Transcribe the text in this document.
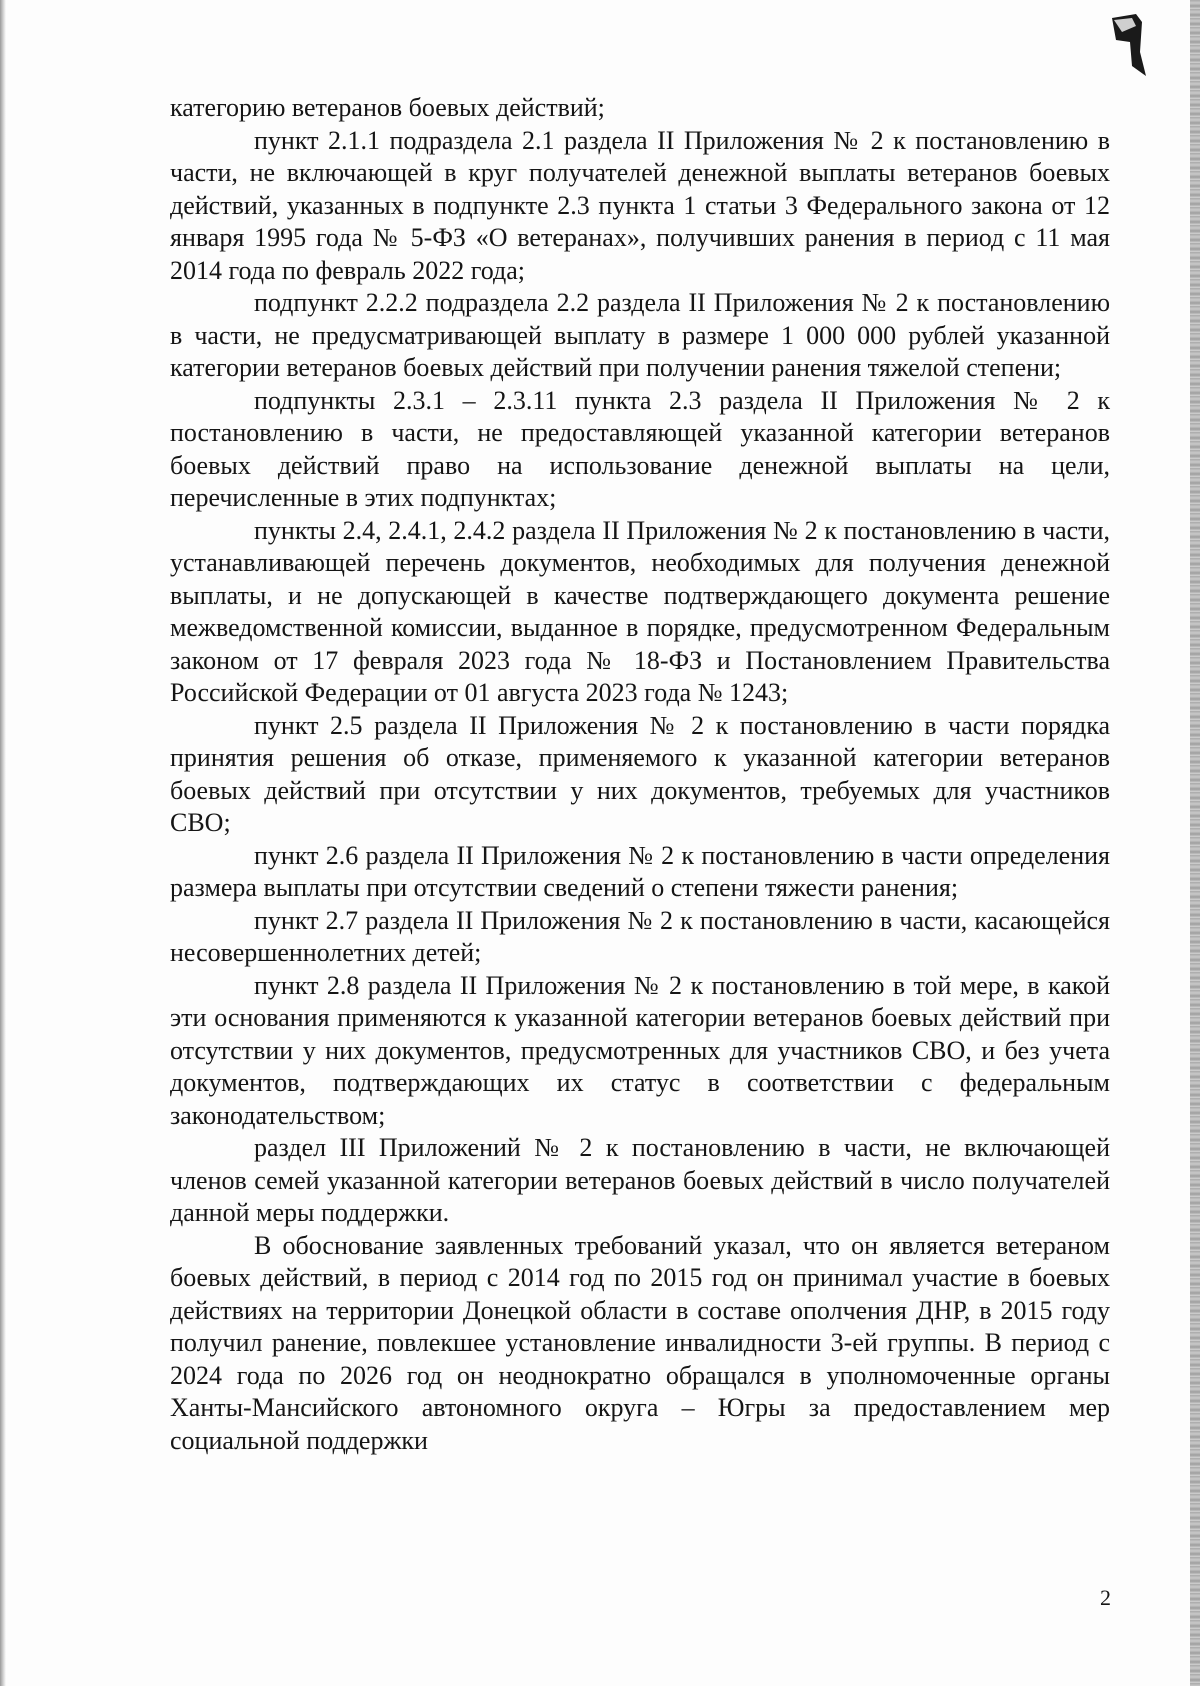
категорию ветеранов боевых действий;

пункт 2.1.1 подраздела 2.1 раздела II Приложения № 2 к постановлению в части, не включающей в круг получателей денежной выплаты ветеранов боевых действий, указанных в подпункте 2.3 пункта 1 статьи 3 Федерального закона от 12 января 1995 года № 5-ФЗ «О ветеранах», получивших ранения в период с 11 мая 2014 года по февраль 2022 года;

подпункт 2.2.2 подраздела 2.2 раздела II Приложения № 2 к постановлению в части, не предусматривающей выплату в размере 1 000 000 рублей указанной категории ветеранов боевых действий при получении ранения тяжелой степени;

подпункты 2.3.1 – 2.3.11 пункта 2.3 раздела II Приложения № 2 к постановлению в части, не предоставляющей указанной категории ветеранов боевых действий право на использование денежной выплаты на цели, перечисленные в этих подпунктах;

пункты 2.4, 2.4.1, 2.4.2 раздела II Приложения № 2 к постановлению в части, устанавливающей перечень документов, необходимых для получения денежной выплаты, и не допускающей в качестве подтверждающего документа решение межведомственной комиссии, выданное в порядке, предусмотренном Федеральным законом от 17 февраля 2023 года № 18-ФЗ и Постановлением Правительства Российской Федерации от 01 августа 2023 года № 1243;

пункт 2.5 раздела II Приложения № 2 к постановлению в части порядка принятия решения об отказе, применяемого к указанной категории ветеранов боевых действий при отсутствии у них документов, требуемых для участников СВО;

пункт 2.6 раздела II Приложения № 2 к постановлению в части определения размера выплаты при отсутствии сведений о степени тяжести ранения;

пункт 2.7 раздела II Приложения № 2 к постановлению в части, касающейся несовершеннолетних детей;

пункт 2.8 раздела II Приложения № 2 к постановлению в той мере, в какой эти основания применяются к указанной категории ветеранов боевых действий при отсутствии у них документов, предусмотренных для участников СВО, и без учета документов, подтверждающих их статус в соответствии с федеральным законодательством;

раздел III Приложений № 2 к постановлению в части, не включающей членов семей указанной категории ветеранов боевых действий в число получателей данной меры поддержки.

В обоснование заявленных требований указал, что он является ветераном боевых действий, в период с 2014 год по 2015 год он принимал участие в боевых действиях на территории Донецкой области в составе ополчения ДНР, в 2015 году получил ранение, повлекшее установление инвалидности 3-ей группы. В период с 2024 года по 2026 год он неоднократно обращался в уполномоченные органы Ханты-Мансийского автономного округа – Югры за предоставлением мер социальной поддержки

2
